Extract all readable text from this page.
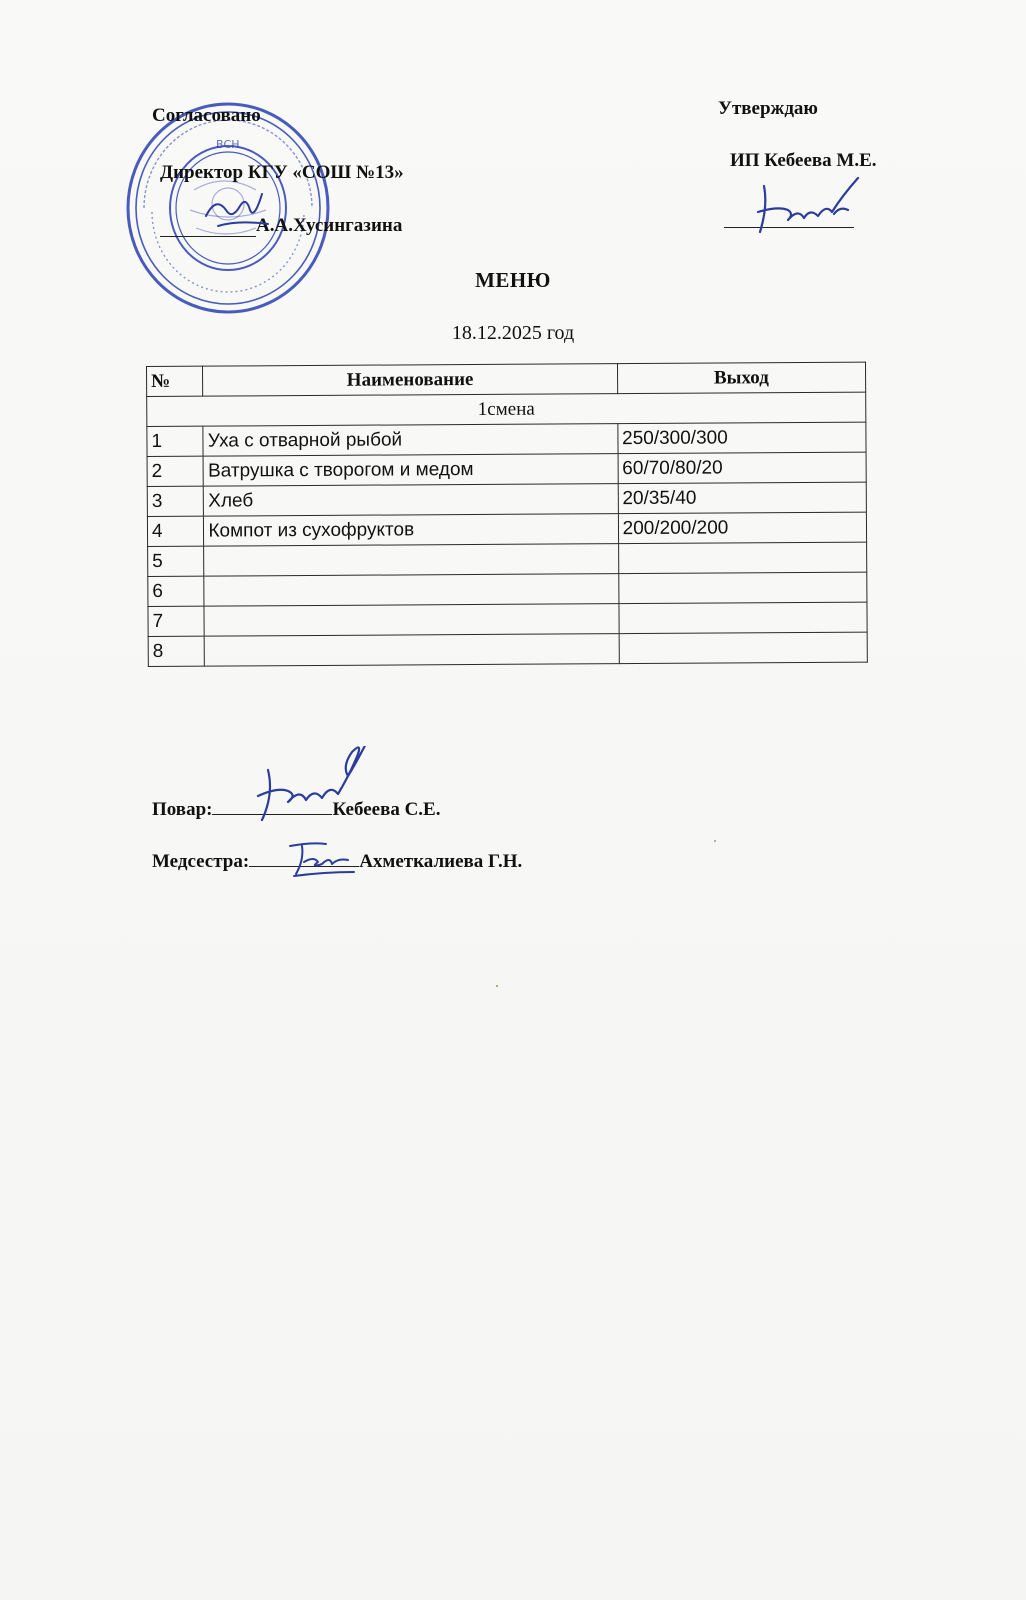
ВСН
Согласовано
Директор КГУ «СОШ №13»
А.А.Хусингазина
Утверждаю
ИП Кебеева М.Е.
МЕНЮ
18.12.2025 год
№	Наименование	Выход
1смена		
1	Уха с отварной рыбой	250/300/300
2	Ватрушка с творогом и медом	60/70/80/20
3	Хлеб	20/35/40
4	Компот из сухофруктов	200/200/200
5		
6		
7		
8		
Повар:	Кебеева С.Е.
Медсестра:	Ахметкалиева Г.Н.
